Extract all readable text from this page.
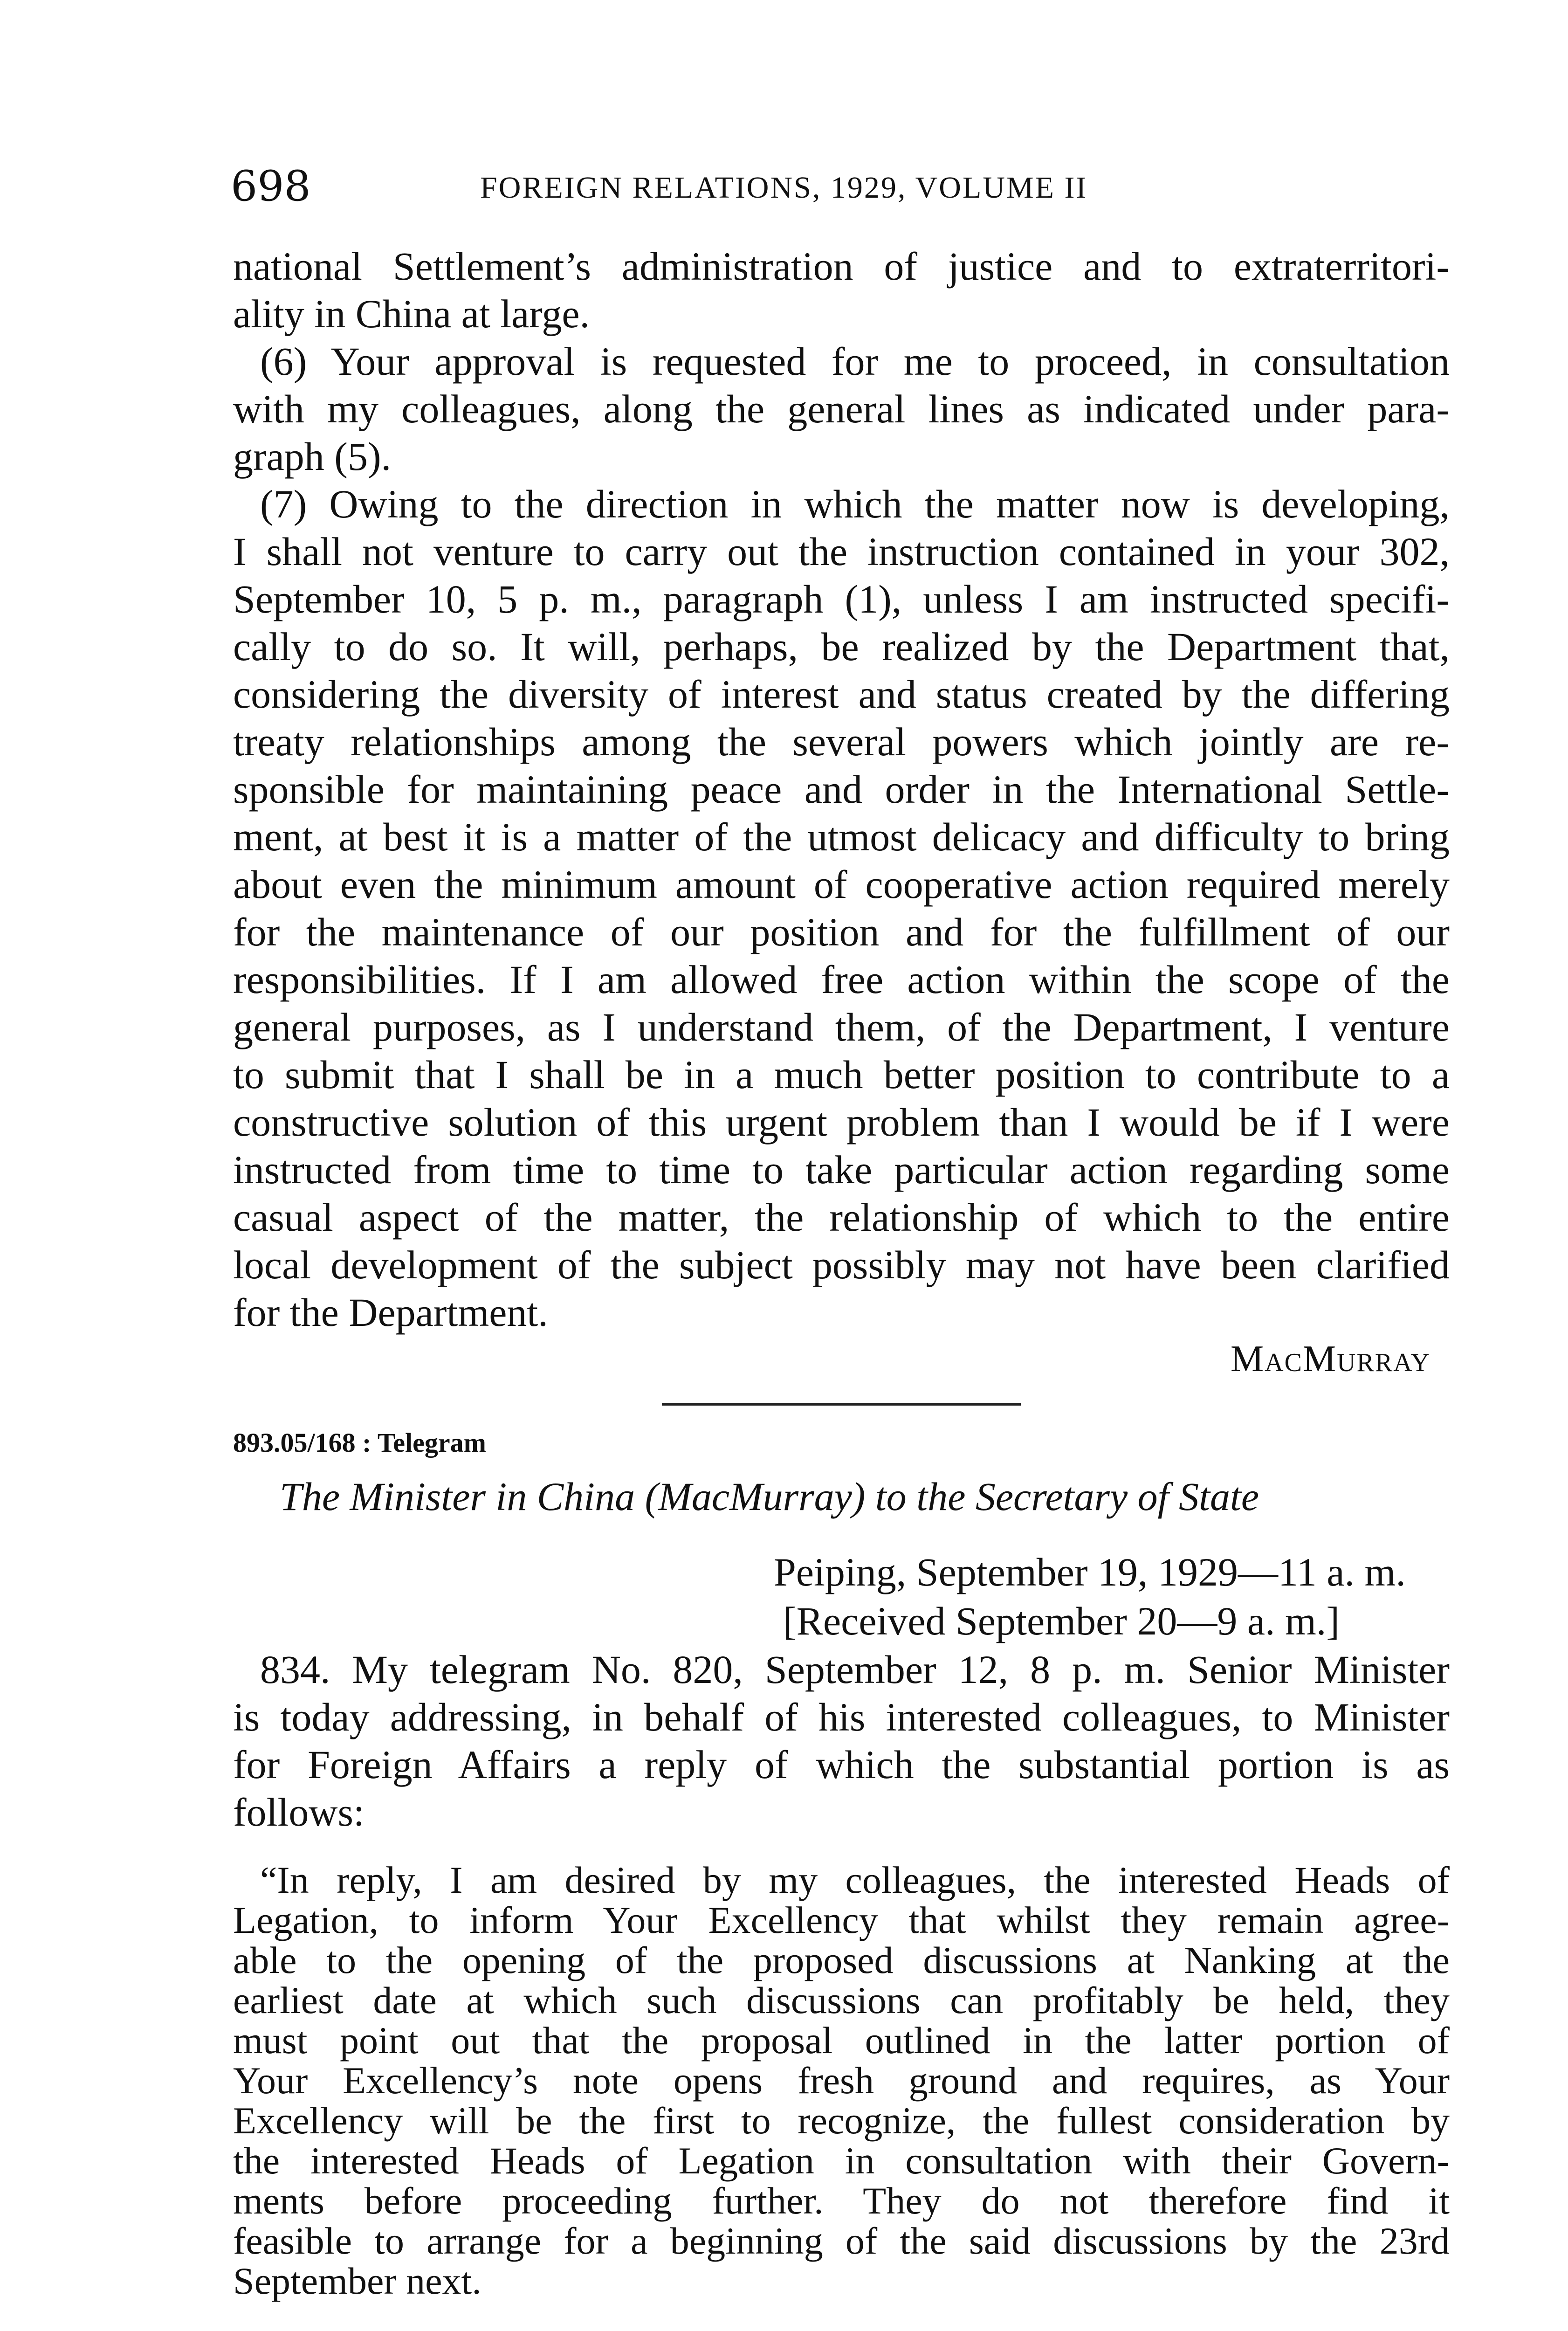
698	FOREIGN RELATIONS, 1929, VOLUME II
national Settlement’s administration of justice and to extraterritori-
ality in China at large.
(6) Your approval is requested for me to proceed, in consultation
with my colleagues, along the general lines as indicated under para-
graph (5).
(7) Owing to the direction in which the matter now is developing,
I shall not venture to carry out the instruction contained in your 302,
September 10, 5 p. m., paragraph (1), unless I am instructed specifi-
cally to do so. It will, perhaps, be realized by the Department that,
considering the diversity of interest and status created by the differing
treaty relationships among the several powers which jointly are re-
sponsible for maintaining peace and order in the International Settle-
ment, at best it is a matter of the utmost delicacy and difficulty to bring
about even the minimum amount of cooperative action required merely
for the maintenance of our position and for the fulfillment of our
responsibilities. If I am allowed free action within the scope of the
general purposes, as I understand them, of the Department, I venture
to submit that I shall be in a much better position to contribute to a
constructive solution of this urgent problem than I would be if I were
instructed from time to time to take particular action regarding some
casual aspect of the matter, the relationship of which to the entire
local development of the subject possibly may not have been clarified
for the Department.
MacMurray
893.05/168 : Telegram
The Minister in China (MacMurray) to the Secretary of State
Peiping, September 19, 1929—11 a. m.
[Received September 20—9 a. m.]
834. My telegram No. 820, September 12, 8 p. m. Senior Minister
is today addressing, in behalf of his interested colleagues, to Minister
for Foreign Affairs a reply of which the substantial portion is as
follows:
“In reply, I am desired by my colleagues, the interested Heads of
Legation, to inform Your Excellency that whilst they remain agree-
able to the opening of the proposed discussions at Nanking at the
earliest date at which such discussions can profitably be held, they
must point out that the proposal outlined in the latter portion of
Your Excellency’s note opens fresh ground and requires, as Your
Excellency will be the first to recognize, the fullest consideration by
the interested Heads of Legation in consultation with their Govern-
ments before proceeding further. They do not therefore find it
feasible to arrange for a beginning of the said discussions by the 23rd
September next.
